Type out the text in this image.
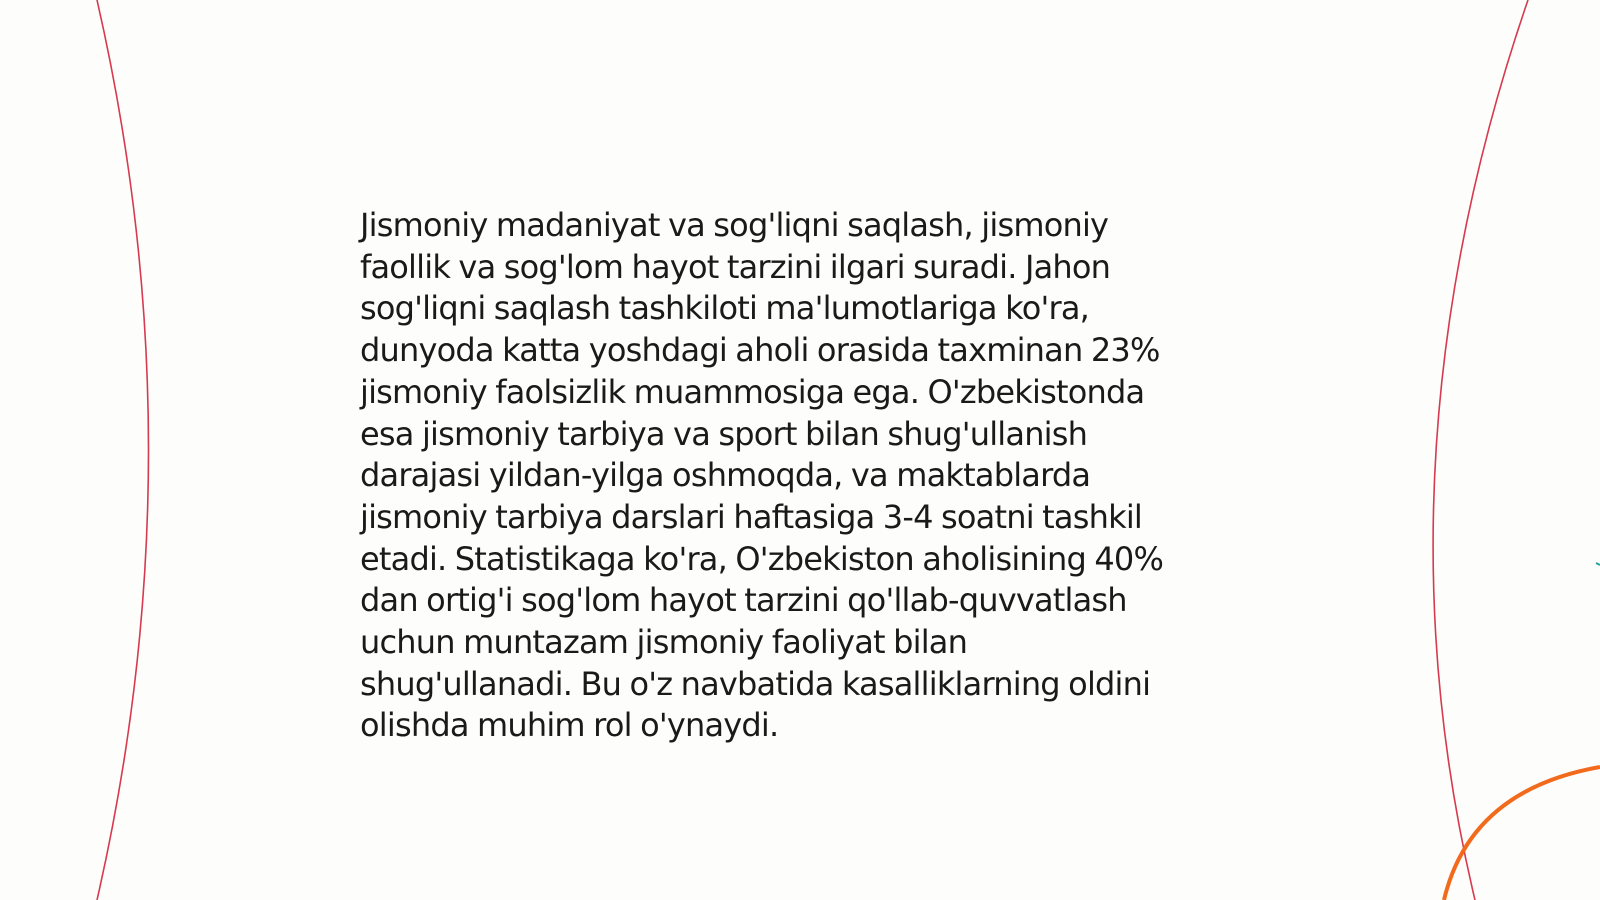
Jismoniy madaniyat va sog'liqni saqlash, jismoniy
faollik va sog'lom hayot tarzini ilgari suradi. Jahon
sog'liqni saqlash tashkiloti ma'lumotlariga ko'ra,
dunyoda katta yoshdagi aholi orasida taxminan 23%
jismoniy faolsizlik muammosiga ega. O'zbekistonda
esa jismoniy tarbiya va sport bilan shug'ullanish
darajasi yildan-yilga oshmoqda, va maktablarda
jismoniy tarbiya darslari haftasiga 3-4 soatni tashkil
etadi. Statistikaga ko'ra, O'zbekiston aholisining 40%
dan ortig'i sog'lom hayot tarzini qo'llab-quvvatlash
uchun muntazam jismoniy faoliyat bilan
shug'ullanadi. Bu o'z navbatida kasalliklarning oldini
olishda muhim rol o'ynaydi.
